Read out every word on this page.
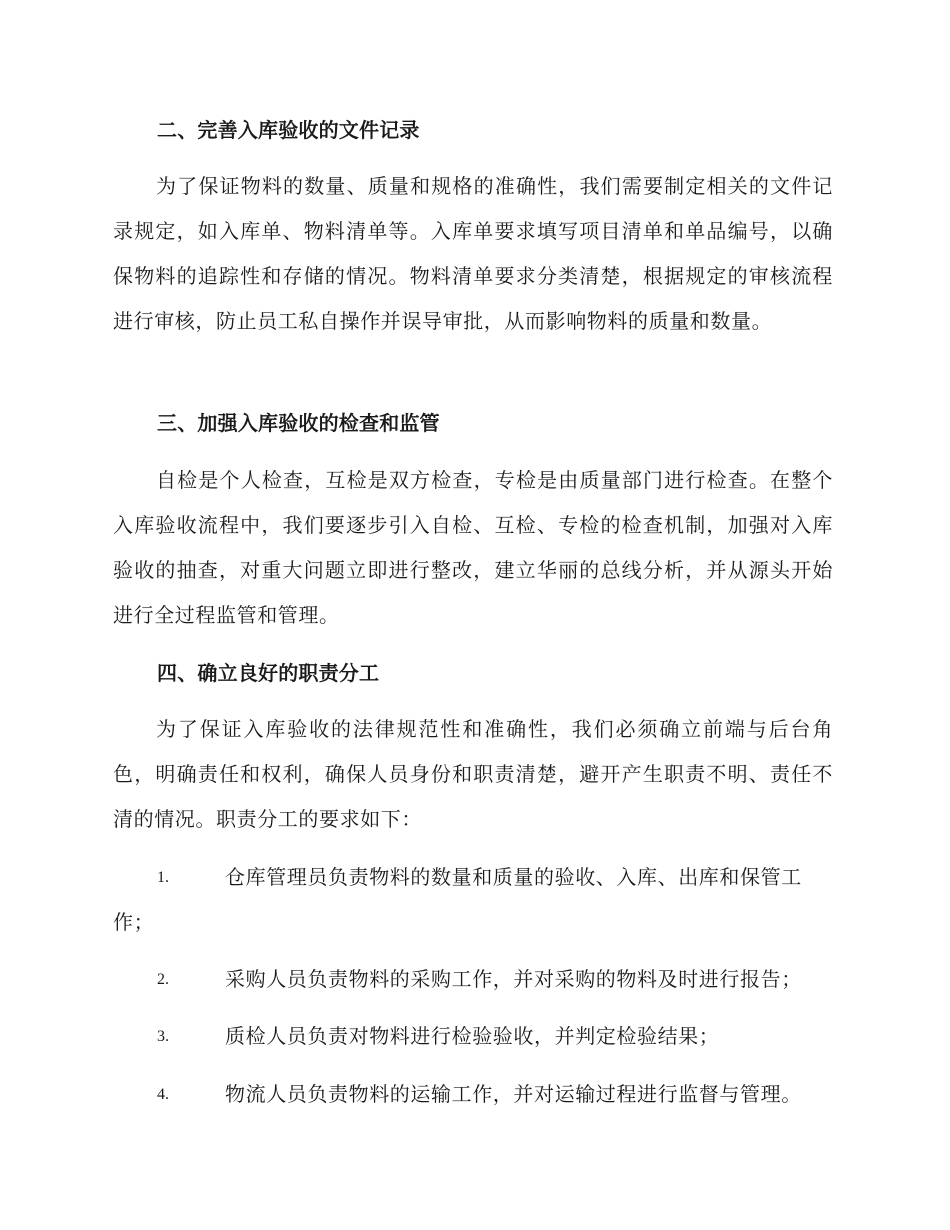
二、完善入库验收的文件记录

为了保证物料的数量、质量和规格的准确性，我们需要制定相关的文件记录规定，如入库单、物料清单等。入库单要求填写项目清单和单品编号，以确保物料的追踪性和存储的情况。物料清单要求分类清楚，根据规定的审核流程进行审核，防止员工私自操作并误导审批，从而影响物料的质量和数量。

三、加强入库验收的检查和监管

自检是个人检查，互检是双方检查，专检是由质量部门进行检查。在整个入库验收流程中，我们要逐步引入自检、互检、专检的检查机制，加强对入库验收的抽查，对重大问题立即进行整改，建立华丽的总线分析，并从源头开始进行全过程监管和管理。

四、确立良好的职责分工

为了保证入库验收的法律规范性和准确性，我们必须确立前端与后台角色，明确责任和权利，确保人员身份和职责清楚，避开产生职责不明、责任不清的情况。职责分工的要求如下：

1.	仓库管理员负责物料的数量和质量的验收、入库、出库和保管工作；
2.	采购人员负责物料的采购工作，并对采购的物料及时进行报告；
3.	质检人员负责对物料进行检验验收，并判定检验结果；
4.	物流人员负责物料的运输工作，并对运输过程进行监督与管理。
